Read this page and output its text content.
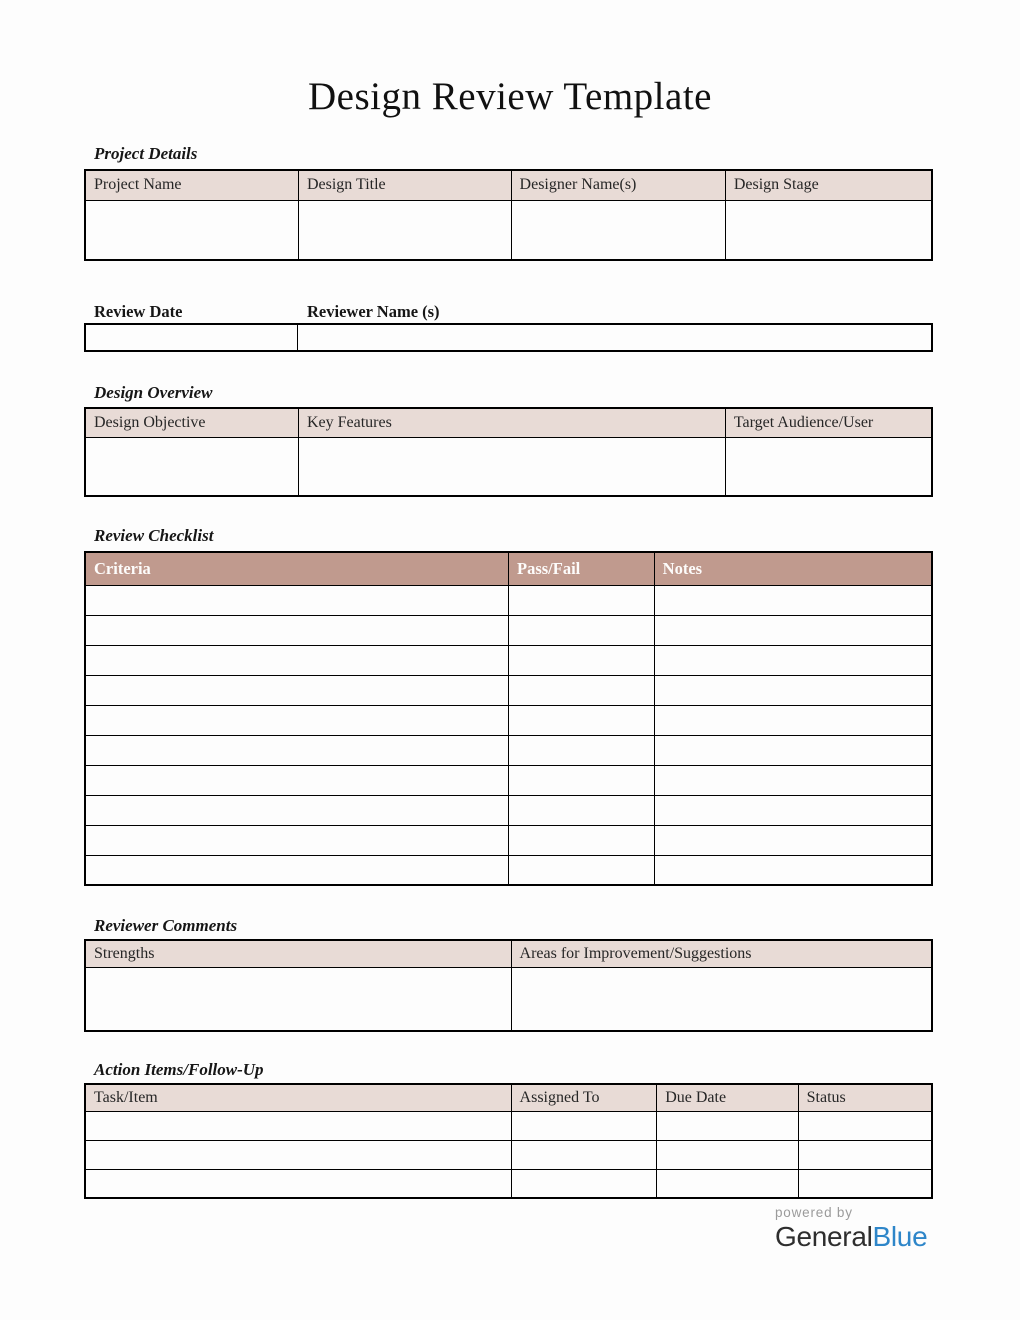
Design Review Template
Project Details
Project Name	Design Title	Designer Name(s)	Design Stage

Review Date	Reviewer Name (s)

Design Overview
Design Objective	Key Features	Target Audience/User

Review Checklist
Criteria	Pass/Fail	Notes

Reviewer Comments
Strengths	Areas for Improvement/Suggestions

Action Items/Follow-Up
Task/Item	Assigned To	Due Date	Status

powered by
GeneralBlue
